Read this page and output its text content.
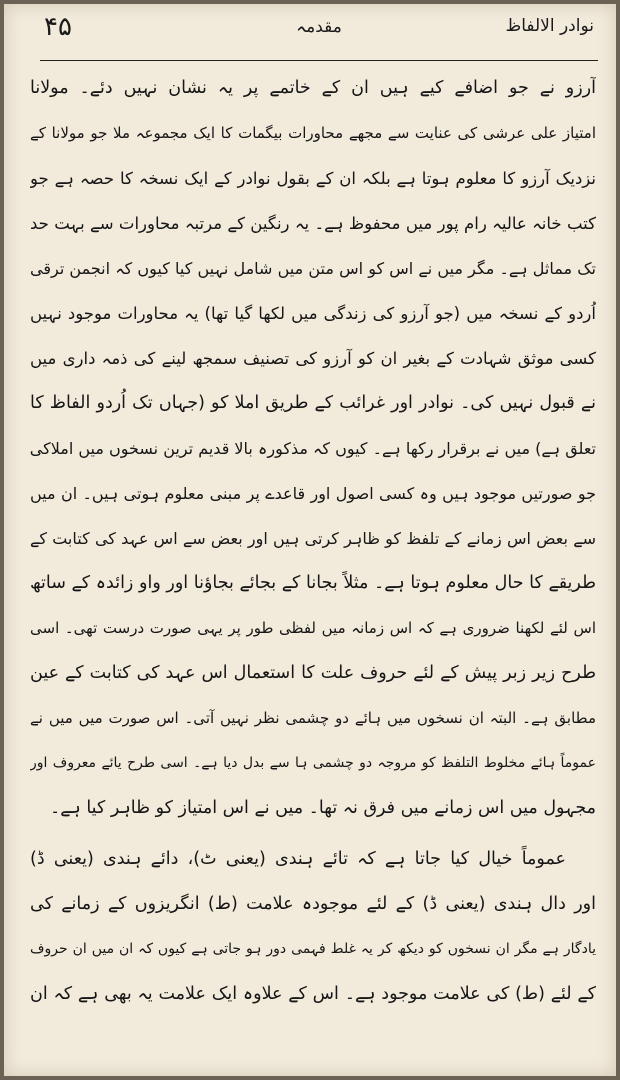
نوادر الالفاظ
مقدمہ
۴۵
آرزو نے جو اضافے کیے ہیں ان کے خاتمے پر یہ نشان نہیں دئے۔ مولانا
امتیاز علی عرشی کی عنایت سے مجھے محاورات بیگمات کا ایک مجموعہ ملا جو مولانا کے
نزدیک آرزو کا معلوم ہوتا ہے بلکہ ان کے بقول نوادر کے ایک نسخہ کا حصہ ہے جو
کتب خانہ عالیہ رام پور میں محفوظ ہے۔ یہ رنگین کے مرتبہ محاورات سے بہت حد
تک مماثل ہے۔ مگر میں نے اس کو اس متن میں شامل نہیں کیا کیوں کہ انجمن ترقی
اُردو کے نسخہ میں (جو آرزو کی زندگی میں لکھا گیا تھا) یہ محاورات موجود نہیں
کسی موثق شہادت کے بغیر ان کو آرزو کی تصنیف سمجھ لینے کی ذمہ داری میں
نے قبول نہیں کی۔ نوادر اور غرائب کے طریق املا کو (جہاں تک اُردو الفاظ کا
تعلق ہے) میں نے برقرار رکھا ہے۔ کیوں کہ مذکورہ بالا قدیم ترین نسخوں میں املاکی
جو صورتیں موجود ہیں وہ کسی اصول اور قاعدے پر مبنی معلوم ہوتی ہیں۔ ان میں
سے بعض اس زمانے کے تلفظ کو ظاہر کرتی ہیں اور بعض سے اس عہد کی کتابت کے
طریقے کا حال معلوم ہوتا ہے۔ مثلاً بجانا کے بجائے بجاؤنا اور واو زائدہ کے ساتھ
اس لئے لکھنا ضروری ہے کہ اس زمانہ میں لفظی طور پر یہی صورت درست تھی۔ اسی
طرح زیر زبر پیش کے لئے حروف علت کا استعمال اس عہد کی کتابت کے عین
مطابق ہے۔ البتہ ان نسخوں میں ہائے دو چشمی نظر نہیں آتی۔ اس صورت میں میں نے
عموماً ہائے مخلوط التلفظ کو مروجہ دو چشمی ہا سے بدل دیا ہے۔ اسی طرح یائے معروف اور
مجہول میں اس زمانے میں فرق نہ تھا۔ میں نے اس امتیاز کو ظاہر کیا ہے۔
عموماً خیال کیا جاتا ہے کہ تائے ہندی (یعنی ٹ)، دائے ہندی (یعنی ڈ)
اور دال ہندی (یعنی ڈ) کے لئے موجودہ علامت (ط) انگریزوں کے زمانے کی
یادگار ہے مگر ان نسخوں کو دیکھ کر یہ غلط فہمی دور ہو جاتی ہے کیوں کہ ان میں ان حروف
کے لئے (ط) کی علامت موجود ہے۔ اس کے علاوہ ایک علامت یہ بھی ہے کہ ان
